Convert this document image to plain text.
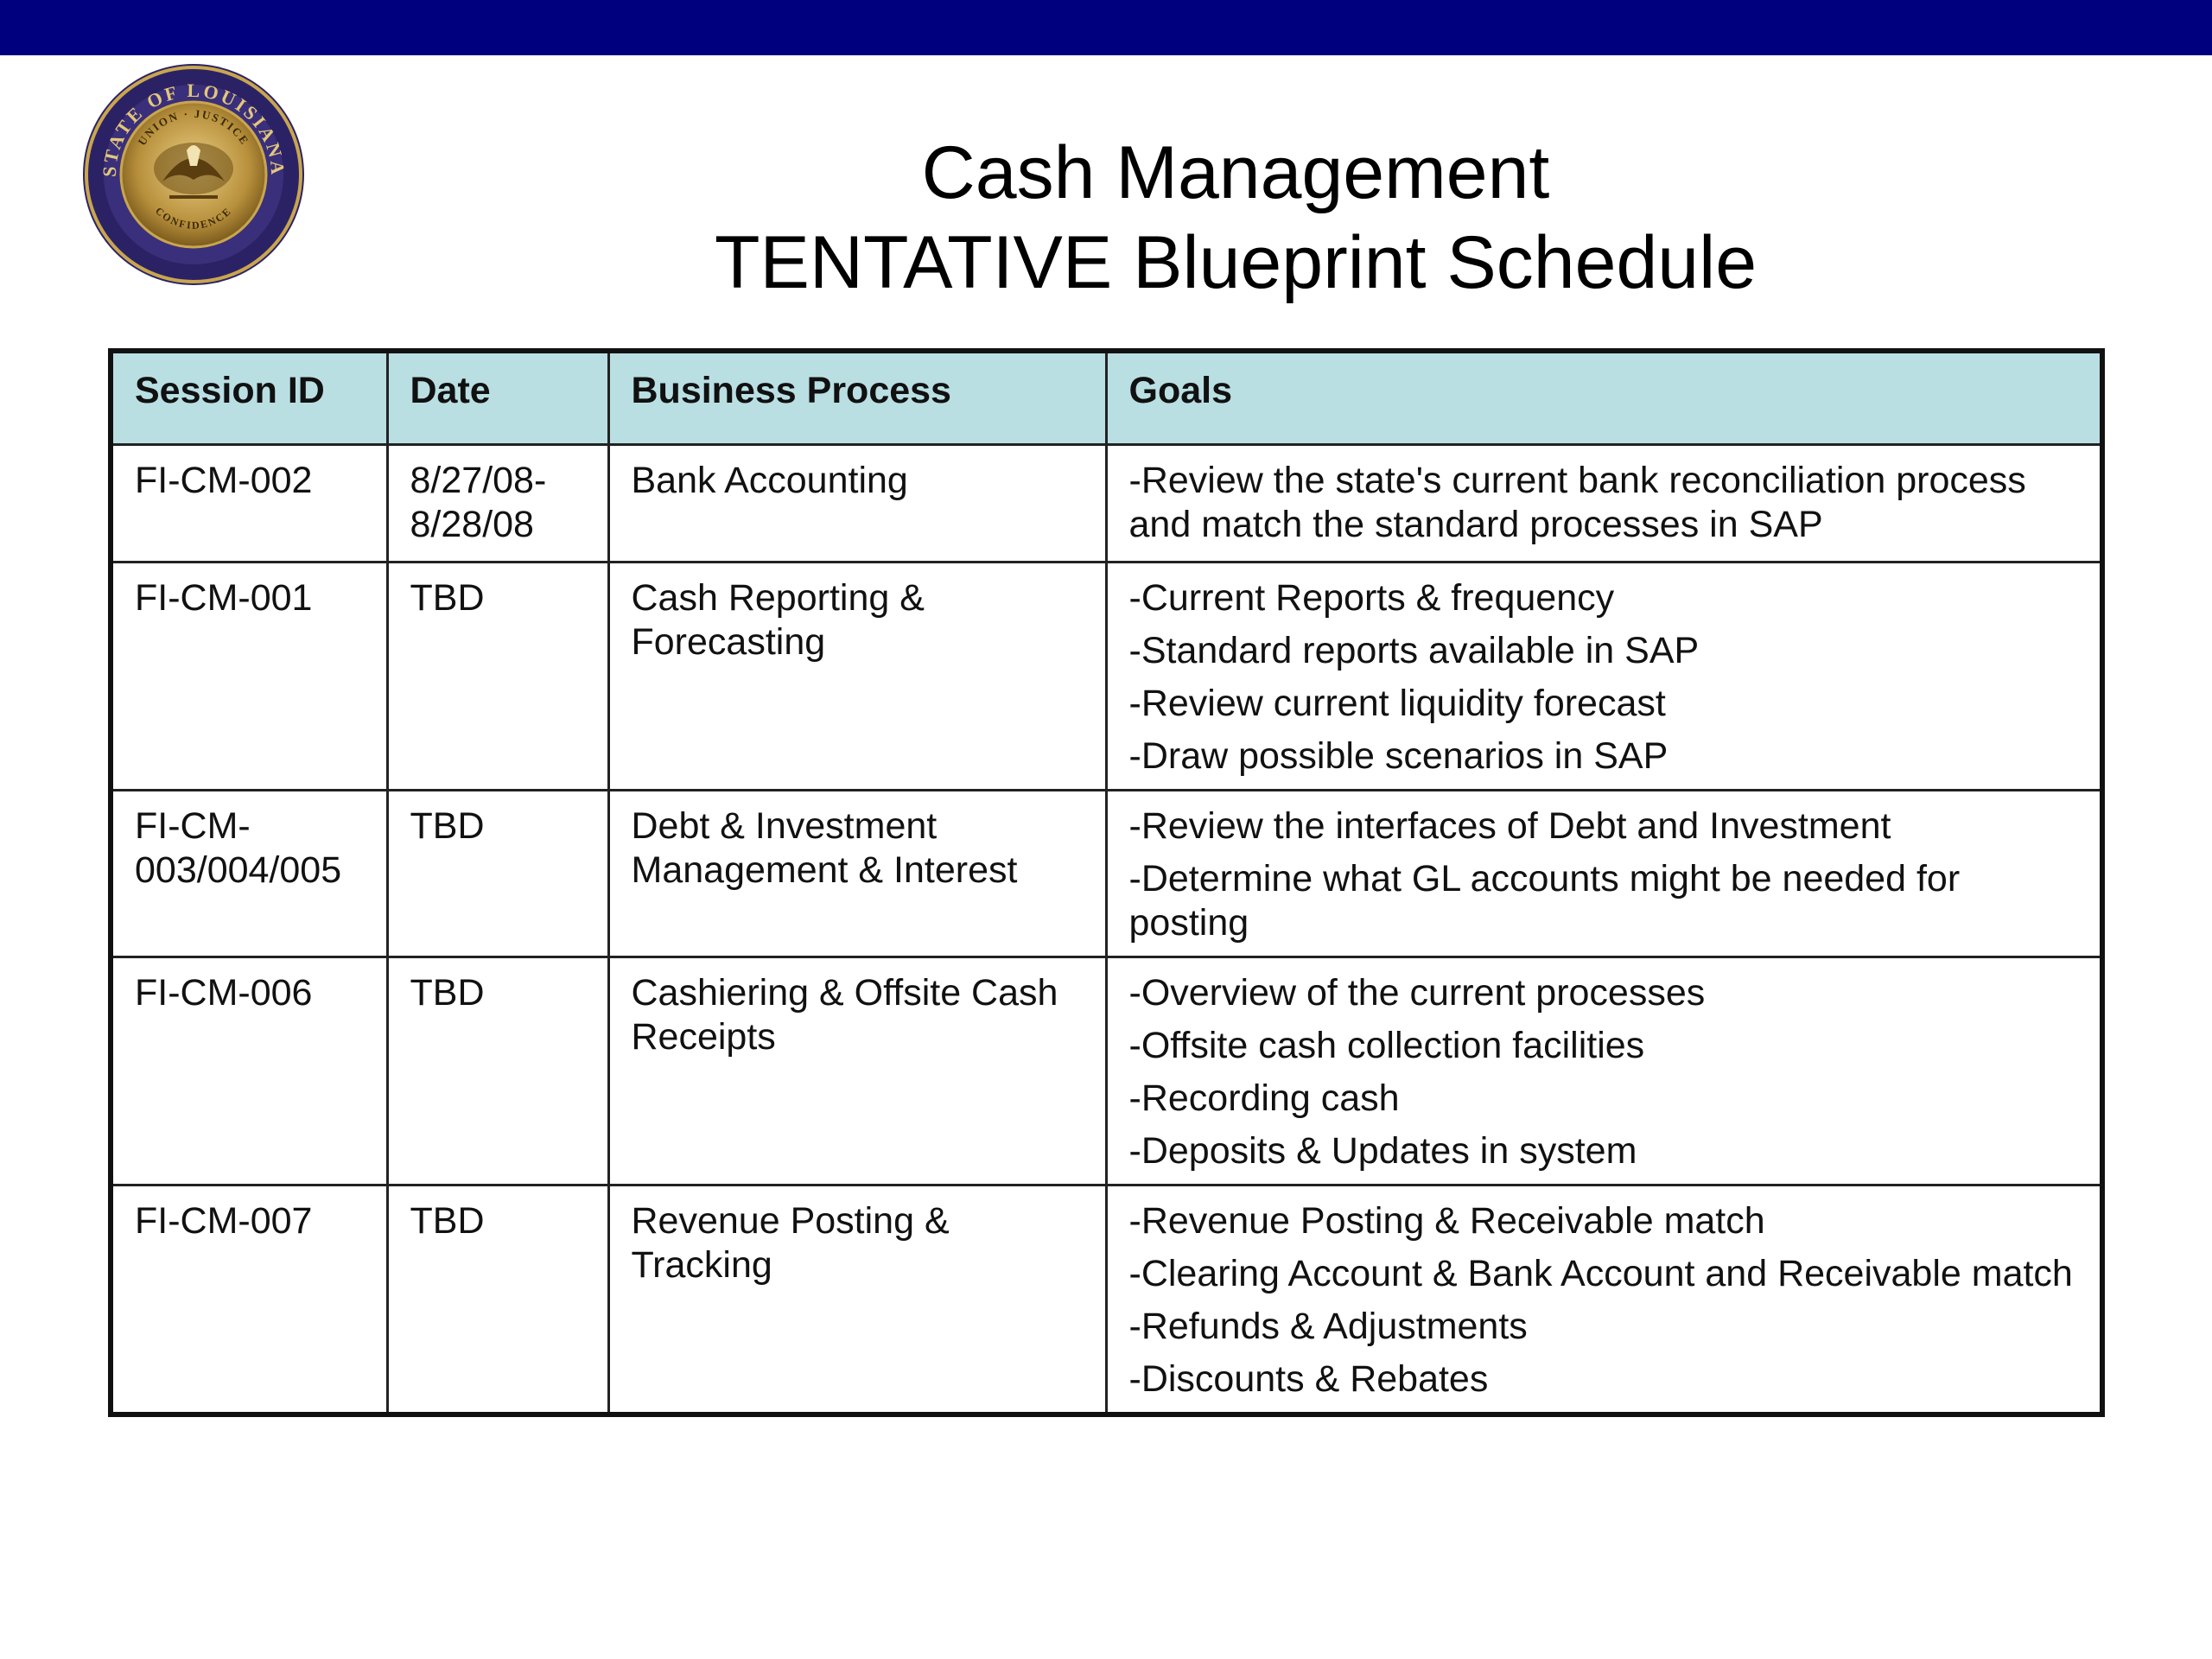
STATE OF LOUISIANA
UNION · JUSTICE
CONFIDENCE	Cash Management
TENTATIVE Blueprint Schedule
Session ID	Date	Business Process	Goals
FI-CM-002	8/27/08-8/28/08	Bank Accounting	-Review the state's current bank reconciliation process and match the standard processes in SAP

FI-CM-001	TBD	Cash Reporting & Forecasting	-Current Reports & frequency
-Standard reports available in SAP
-Review current liquidity forecast
-Draw possible scenarios in SAP

FI-CM-003/004/005	TBD	Debt & Investment Management & Interest	-Review the interfaces of Debt and Investment
-Determine what GL accounts might be needed for posting

FI-CM-006	TBD	Cashiering & Offsite Cash Receipts	-Overview of the current processes
-Offsite cash collection facilities
-Recording cash
-Deposits & Updates in system

FI-CM-007	TBD	Revenue Posting & Tracking	-Revenue Posting & Receivable match
-Clearing Account & Bank Account and Receivable match
-Refunds & Adjustments
-Discounts & Rebates
